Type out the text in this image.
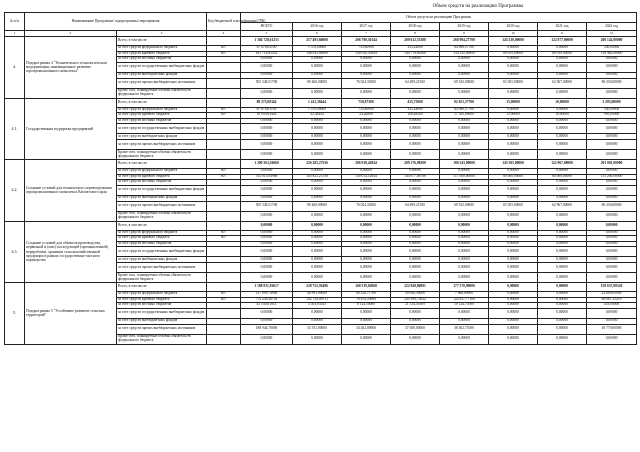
Объем средств на реализацию Программы
№ п/п	Наименование Программы/ подпрограммы/ мероприятия		Код бюджетной классификации ГРБС	Объем средств на реализацию Программы							
				ВСЕГО	2016 год	2017 год	2018 год	2019 год	2020 год	2021 год	2022 год
1	2	3	4	5	6	7	8	9	10	11	12
4.	Подпрограмма 4 "Техническая и технологическая модернизация, инновационное развитие агропромышленного комплекса"	Всего, в том числе:		1 304 728,61233	217 493,66000	206 790,50144	209 612,53388	268 994,27700	145 538,00000	122 977,00000	200 142,00000
		за счет средств федерального бюджета	807	67 678,63100	1 370,00000	733,80900	335,24000	64 988,57700	0,00000	0,00000	330,00000
		за счет средств краевого бюджета	807	631 714,65432	148 043,00000	130 030,39444	144 778,80388	134 545,00000	80 035,00000	60 010,00000	116 462,00000
		за счет средств местных бюджетов		0,00000	0,00000	0,00000	0,00000	0,00000	0,00000	0,00000	0,00000
		за счет средств государственных внебюджетных фондов		0,00000	0,00000	0,00000	0,00000	0,00000	0,00000	0,00000	0,00000
		за счет средств внебюджетных фондов		0,00000	0,00000	0,00000	0,00000	0,00000	0,00000	0,00000	0,00000
		за счет средств прочих внебюджетных источников		505 348,51700	80 460,00000	76 024,30200	64 499,21500	69 543,00000	65 505,00000	62 967,00000	86 350,00000
		Кроме того, планируемые объемы обязательств федерального бюджета		0,00000	0,00000	0,00000	0,00000	0,00000	0,00000	0,00000	0,00000
4.1.	Государственная поддержка предприятий	Всего, в том числе:		88 275,00344	1 412,38444	750,07300	435,75000	82 651,37700	15,00000	10,00000	3 295,00000
		за счет средств федерального бюджета	807	67 678,63100	1 370,00000	733,80900	335,24000	64 988,57700	0,00000	0,00000	330,00000
		за счет средств краевого бюджета	807	18 959,63444	42,38444	24,26800	100,48200	17 545,00000	15,00000	10,00000	995,00000
		за счет средств местных бюджетов		0,00000	0,00000	0,00000	0,00000	0,00000	0,00000	0,00000	0,00000
		за счет средств государственных внебюджетных фондов		0,00000	0,00000	0,00000	0,00000	0,00000	0,00000	0,00000	0,00000
		за счет средств внебюджетных фондов		0,00000	0,00000	0,00000	0,00000	0,00000	0,00000	0,00000	0,00000
		за счет средств прочих внебюджетных источников		0,00000	0,00000	0,00000	0,00000	0,00000	0,00000	0,00000	0,00000
		Кроме того, планируемые объемы обязательств федерального бюджета		0,00000	0,00000	0,00000	0,00000	0,00000	0,00000	0,00000	0,00000
4.2.	Создание условий для технического перевооружения агропромышленного комплекса Камчатского края	Всего, в том числе:		1 200 563,56660	226 283,27556	206 038,42844	209 176,08208	186 343,00000	145 505,00000	122 967,00000	201 001,00000
		за счет средств федерального бюджета	807	0,00000	0,00000	0,00000	0,00000	0,00000	0,00000	0,00000	0,00000
		за счет средств краевого бюджета	807	702 015,04968	145 823,27556	130 014,12644	144 677,08708	117 000,00000	80 000,00000	60 000,00000	115 200,00000
		за счет средств местных бюджетов		0,00000	0,00000	0,00000	0,00000	0,00000	0,00000	0,00000	0,00000
		за счет средств государственных внебюджетных фондов		0,00000	0,00000	0,00000	0,00000	0,00000	0,00000	0,00000	0,00000
		за счет средств внебюджетных фондов		0,00000	0,00000	0,00000	0,00000	0,00000	0,00000	0,00000	0,00000
		за счет средств прочих внебюджетных источников		505 348,51700	80 460,00000	76 024,30200	64 499,21500	69 543,00000	65 505,00000	62 967,00000	86 350,00000
		Кроме того, планируемые объемы обязательств федерального бюджета		0,00000	0,00000	0,00000	0,00000	0,00000	0,00000	0,00000	0,00000
4.3.	Создание условий для объектов производства, первичной и (или) последующей (промышленной) переработки, хранения сельскохозяйственной продукции в рамках государственно-частного партнерства	Всего, в том числе:		0,00000	0,00000	0,00000	0,00000	0,00000	0,00000	0,00000	0,00000
		за счет средств федерального бюджета	807	0,00000	0,00000	0,00000	0,00000	0,00000	0,00000	0,00000	0,00000
		за счет средств краевого бюджета	807	0,00000	0,00000	0,00000	0,00000	0,00000	0,00000	0,00000	0,00000
		за счет средств местных бюджетов		0,00000	0,00000	0,00000	0,00000	0,00000	0,00000	0,00000	0,00000
		за счет средств государственных внебюджетных фондов		0,00000	0,00000	0,00000	0,00000	0,00000	0,00000	0,00000	0,00000
		за счет средств внебюджетных фондов		0,00000	0,00000	0,00000	0,00000	0,00000	0,00000	0,00000	0,00000
		за счет средств прочих внебюджетных источников		0,00000	0,00000	0,00000	0,00000	0,00000	0,00000	0,00000	0,00000
		Кроме того, планируемые объемы обязательств федерального бюджета		0,00000	0,00000	0,00000	0,00000	0,00000	0,00000	0,00000	0,00000
5.	Подпрограмма 5 "Устойчивое развитие сельских территорий"	Всего, в том числе:		1 188 831,92617	228 752,92486	168 319,02868	222 949,86991	177 570,99000	0,00000	0,00000	158 637,08320
		за счет средств федерального бюджета	807	137 099,74900	40 991,00000	49 250,71780	29 636,39000	7 666,89000	0,00000	0,00000	22 689,65000
		за счет средств краевого бюджета	807	774 256,46703	142 758,09513	78 676,59960	245 996,73832	122 037,77100	0,00000	0,00000	86 887,15210
		за счет средств местных бюджетов		41 530,01014	5 503,83545	6 124,50000	21 314,50169	10 124,71000	0,00000	0,00000	453,00000
		за счет средств государственных внебюджетных фондов		0,00000	0,00000	0,00000	0,00000	0,00000	0,00000	0,00000	0,00000
		за счет средств внебюджетных фондов		0,00000	0,00000	0,00000	0,00000	0,00000	0,00000	0,00000	0,00000
		за счет средств прочих внебюджетных источников		188 944,70000	33 551,00000	34 262,00000	37 050,00000	38 302,71000	0,00000	0,00000	49 779,00000
		Кроме того, планируемые объемы обязательств федерального бюджета		0,00000	0,00000	0,00000	0,00000	0,00000	0,00000	0,00000	0,00000
